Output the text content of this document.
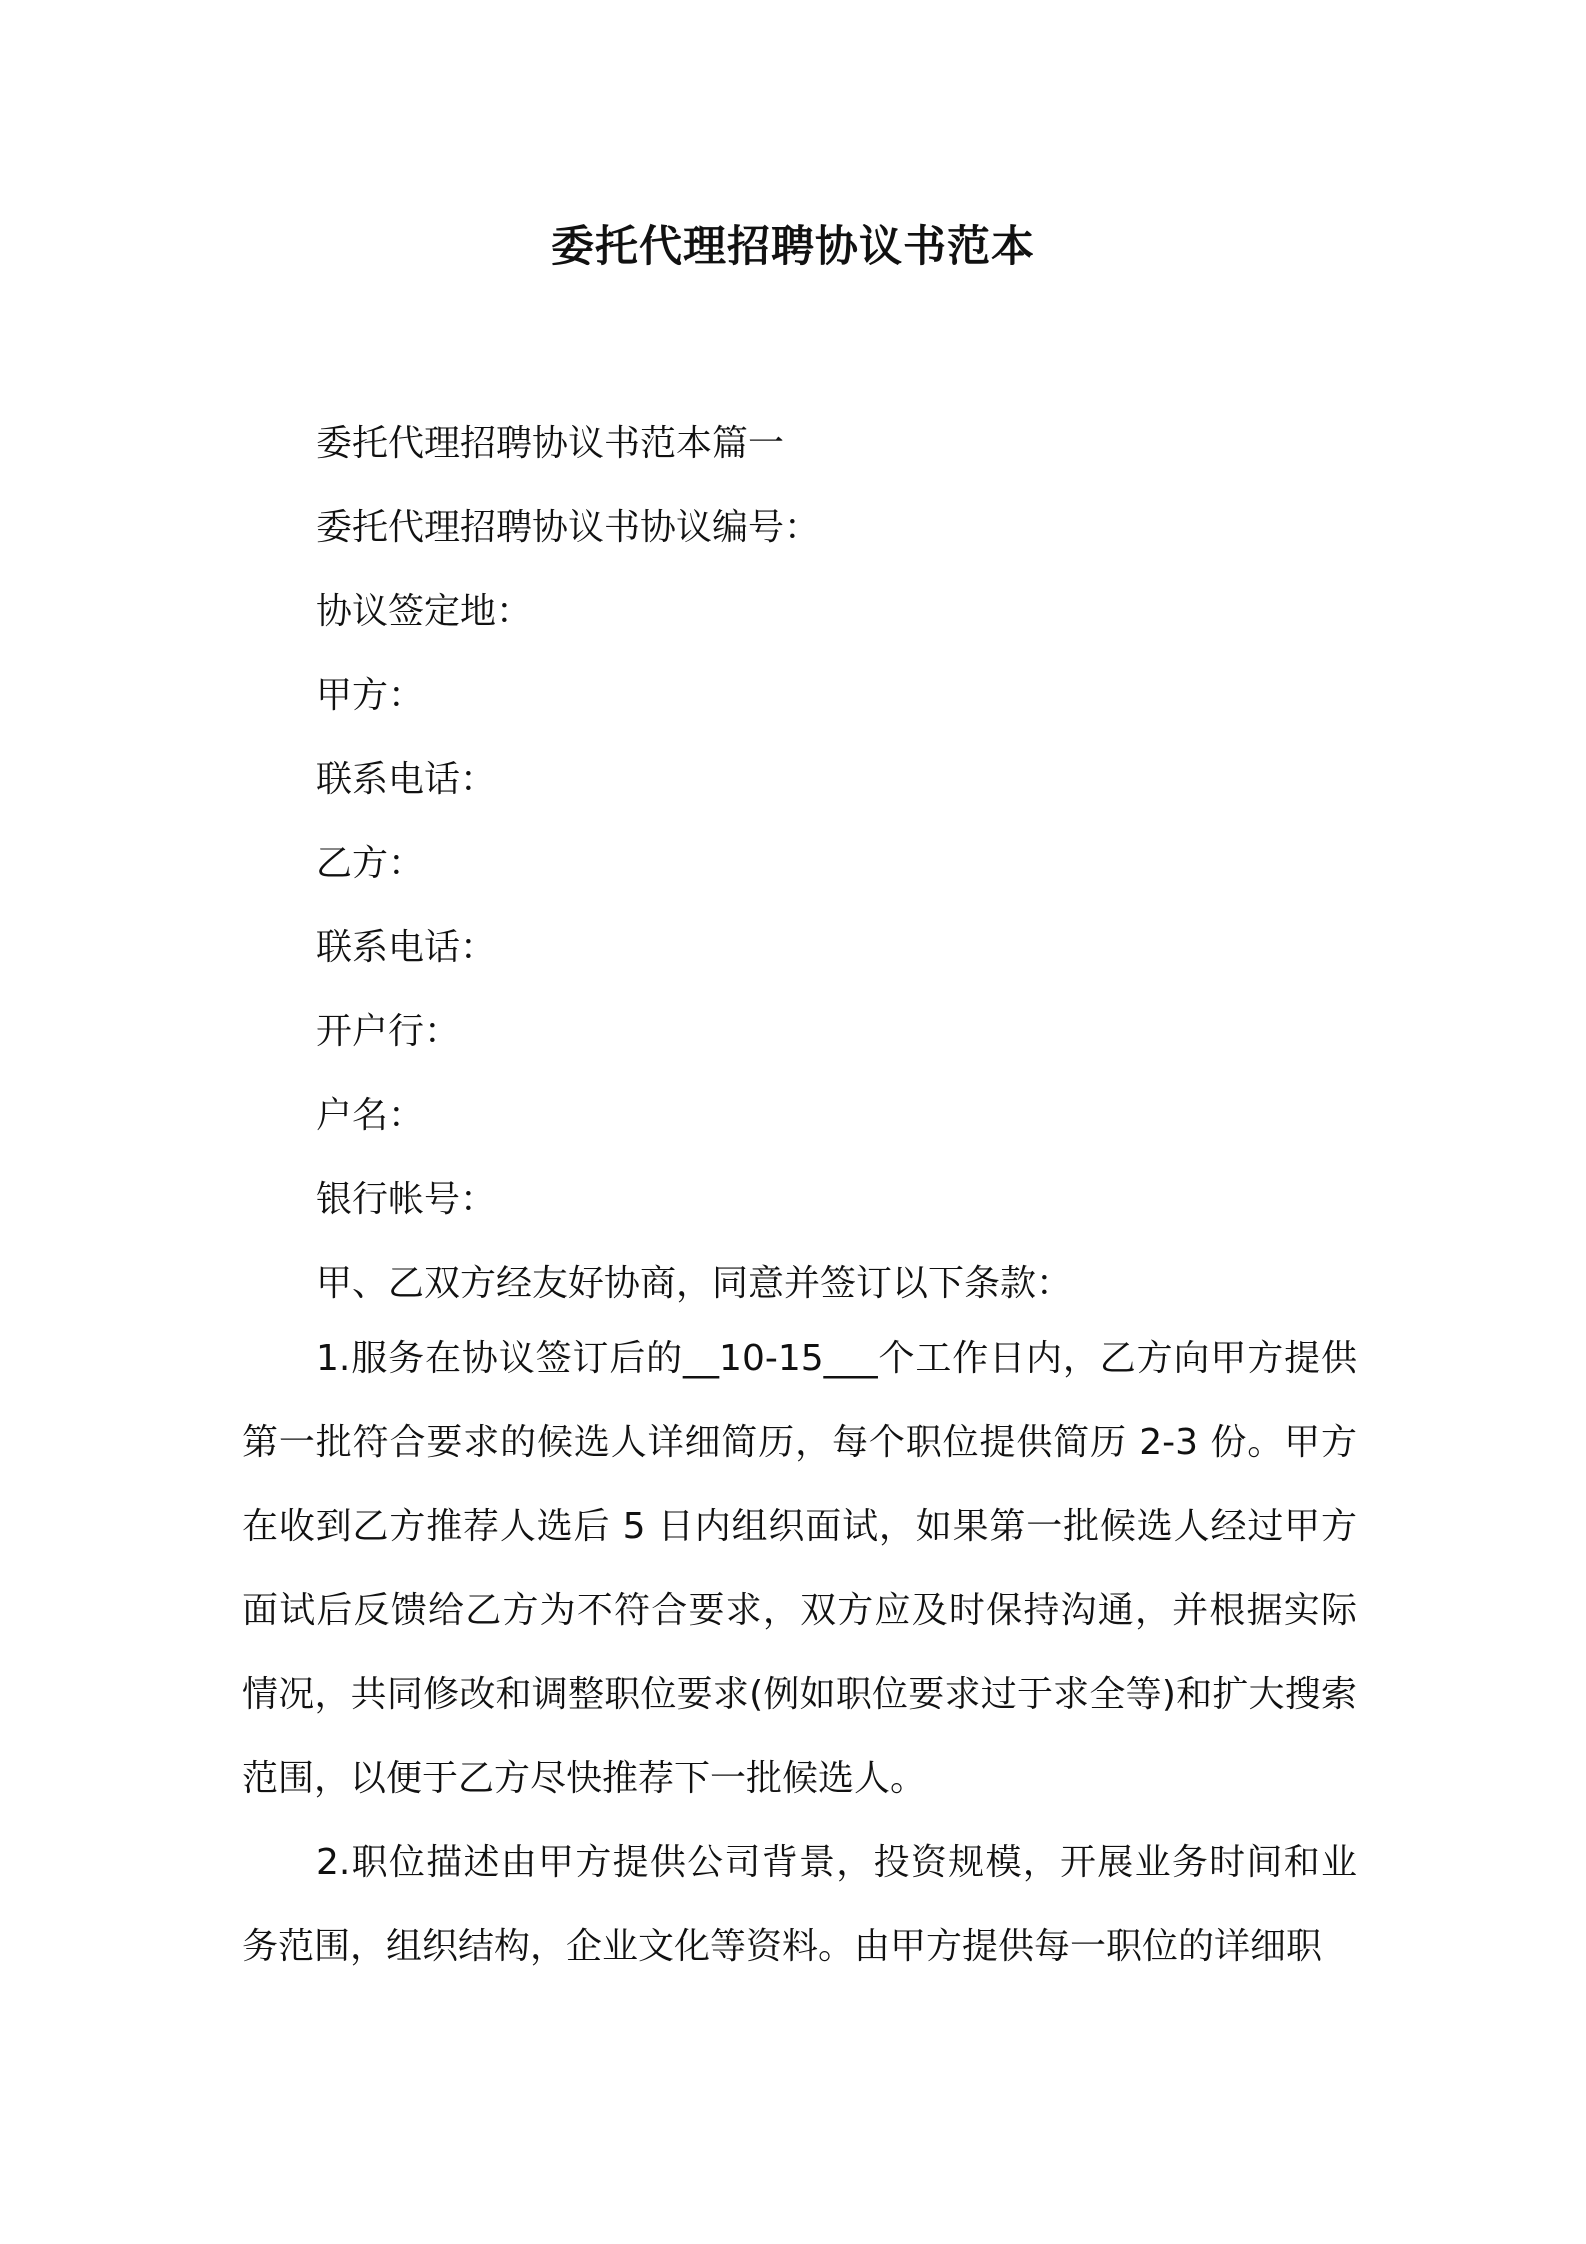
委托代理招聘协议书范本
委托代理招聘协议书范本篇一
委托代理招聘协议书协议编号：
协议签定地：
甲方：
联系电话：
乙方：
联系电话：
开户行：
户名：
银行帐号：
甲、乙双方经友好协商，同意并签订以下条款：

1.服务在协议签订后的__10-15___个工作日内，乙方向甲方提供第一批符合要求的候选人详细简历，每个职位提供简历 2-3 份。甲方在收到乙方推荐人选后 5 日内组织面试，如果第一批候选人经过甲方面试后反馈给乙方为不符合要求，双方应及时保持沟通，并根据实际情况，共同修改和调整职位要求(例如职位要求过于求全等)和扩大搜索范围，以便于乙方尽快推荐下一批候选人。

2.职位描述由甲方提供公司背景，投资规模，开展业务时间和业务范围，组织结构，企业文化等资料。由甲方提供每一职位的详细职
